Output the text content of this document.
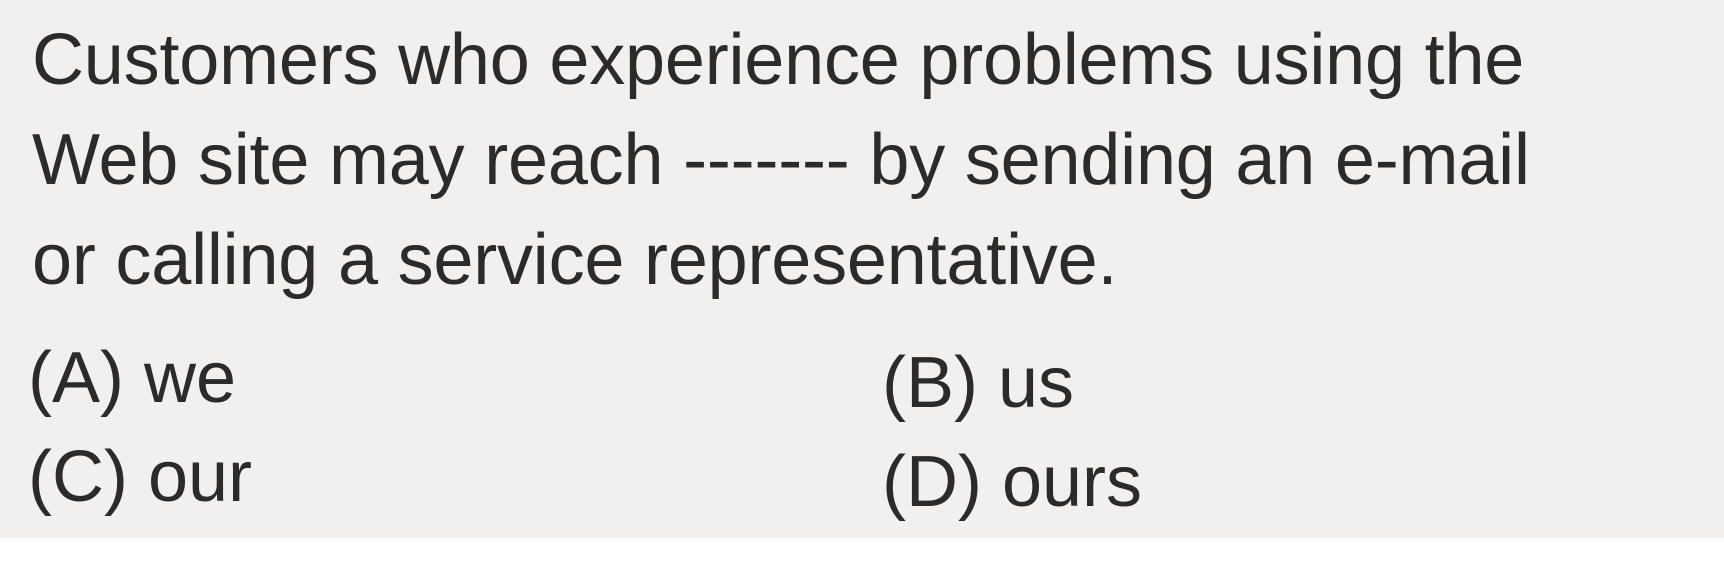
Customers who experience problems using the
Web site may reach ------- by sending an e-mail
or calling a service representative.

(A) we	(B) us
(C) our	(D) ours
